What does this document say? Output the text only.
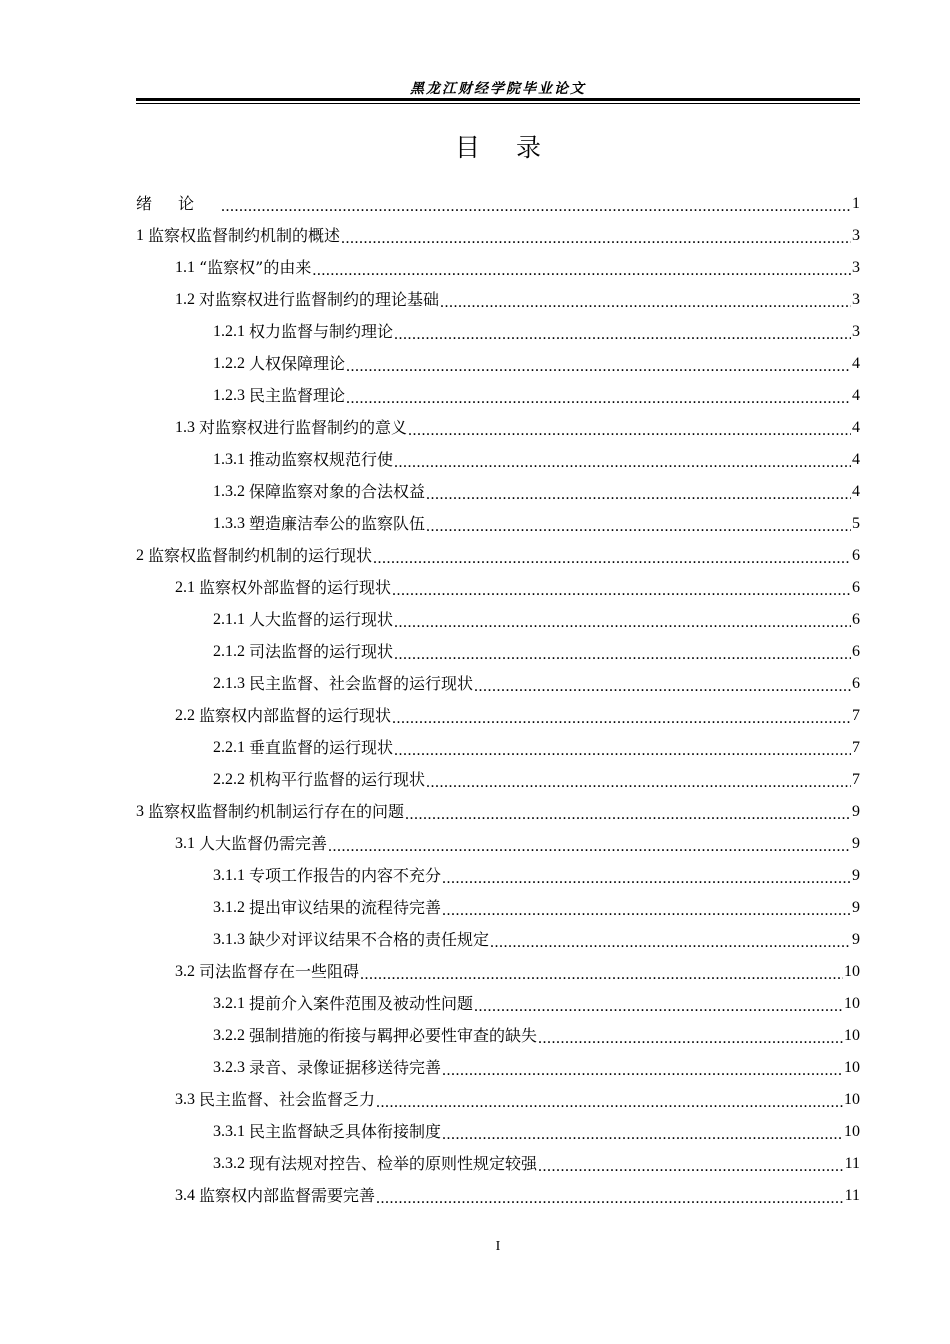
黑龙江财经学院毕业论文
目录
绪论 .....	1
1 监察权监督制约机制的概述 .....	3
1.1 “监察权”的由来 .....	3
1.2 对监察权进行监督制约的理论基础 .....	3
1.2.1 权力监督与制约理论 .....	3
1.2.2 人权保障理论 .....	4
1.2.3 民主监督理论 .....	4
1.3 对监察权进行监督制约的意义 .....	4
1.3.1 推动监察权规范行使 .....	4
1.3.2 保障监察对象的合法权益 .....	4
1.3.3 塑造廉洁奉公的监察队伍 .....	5
2 监察权监督制约机制的运行现状 .....	6
2.1 监察权外部监督的运行现状 .....	6
2.1.1 人大监督的运行现状 .....	6
2.1.2 司法监督的运行现状 .....	6
2.1.3 民主监督、社会监督的运行现状 .....	6
2.2 监察权内部监督的运行现状 .....	7
2.2.1 垂直监督的运行现状 .....	7
2.2.2 机构平行监督的运行现状 .....	7
3 监察权监督制约机制运行存在的问题 .....	9
3.1 人大监督仍需完善 .....	9
3.1.1 专项工作报告的内容不充分 .....	9
3.1.2 提出审议结果的流程待完善 .....	9
3.1.3 缺少对评议结果不合格的责任规定 .....	9
3.2 司法监督存在一些阻碍 .....	10
3.2.1 提前介入案件范围及被动性问题 .....	10
3.2.2 强制措施的衔接与羁押必要性审查的缺失 .....	10
3.2.3 录音、录像证据移送待完善 .....	10
3.3 民主监督、社会监督乏力 .....	10
3.3.1 民主监督缺乏具体衔接制度 .....	10
3.3.2 现有法规对控告、检举的原则性规定较强 .....	11
3.4 监察权内部监督需要完善 .....	11
I
